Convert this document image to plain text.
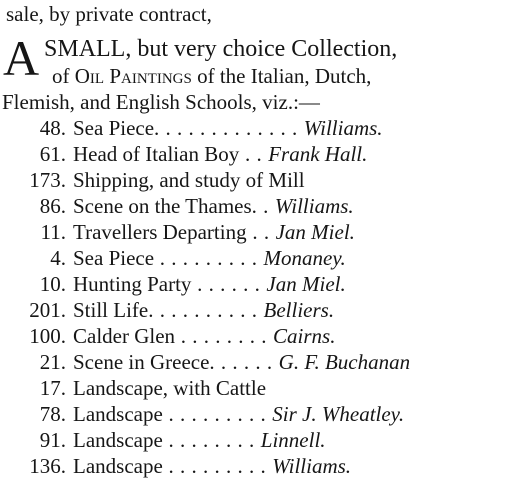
sale, by private contract,
A SMALL, but very choice Collection,
of Oil Paintings of the Italian, Dutch,
Flemish, and English Schools, viz.:—
48. Sea Piece. . . . . . . . . . . . . Williams.
61. Head of Italian Boy . . Frank Hall.
173. Shipping, and study of Mill
86. Scene on the Thames. . Williams.
11. Travellers Departing . . Jan Miel.
4. Sea Piece . . . . . . . . . Monaney.
10. Hunting Party . . . . . . Jan Miel.
201. Still Life. . . . . . . . . . Belliers.
100. Calder Glen . . . . . . . . Cairns.
21. Scene in Greece. . . . . . G. F. Buchanan
17. Landscape, with Cattle
78. Landscape . . . . . . . . . Sir J. Wheatley.
91. Landscape . . . . . . . . Linnell.
136. Landscape . . . . . . . . . Williams.
